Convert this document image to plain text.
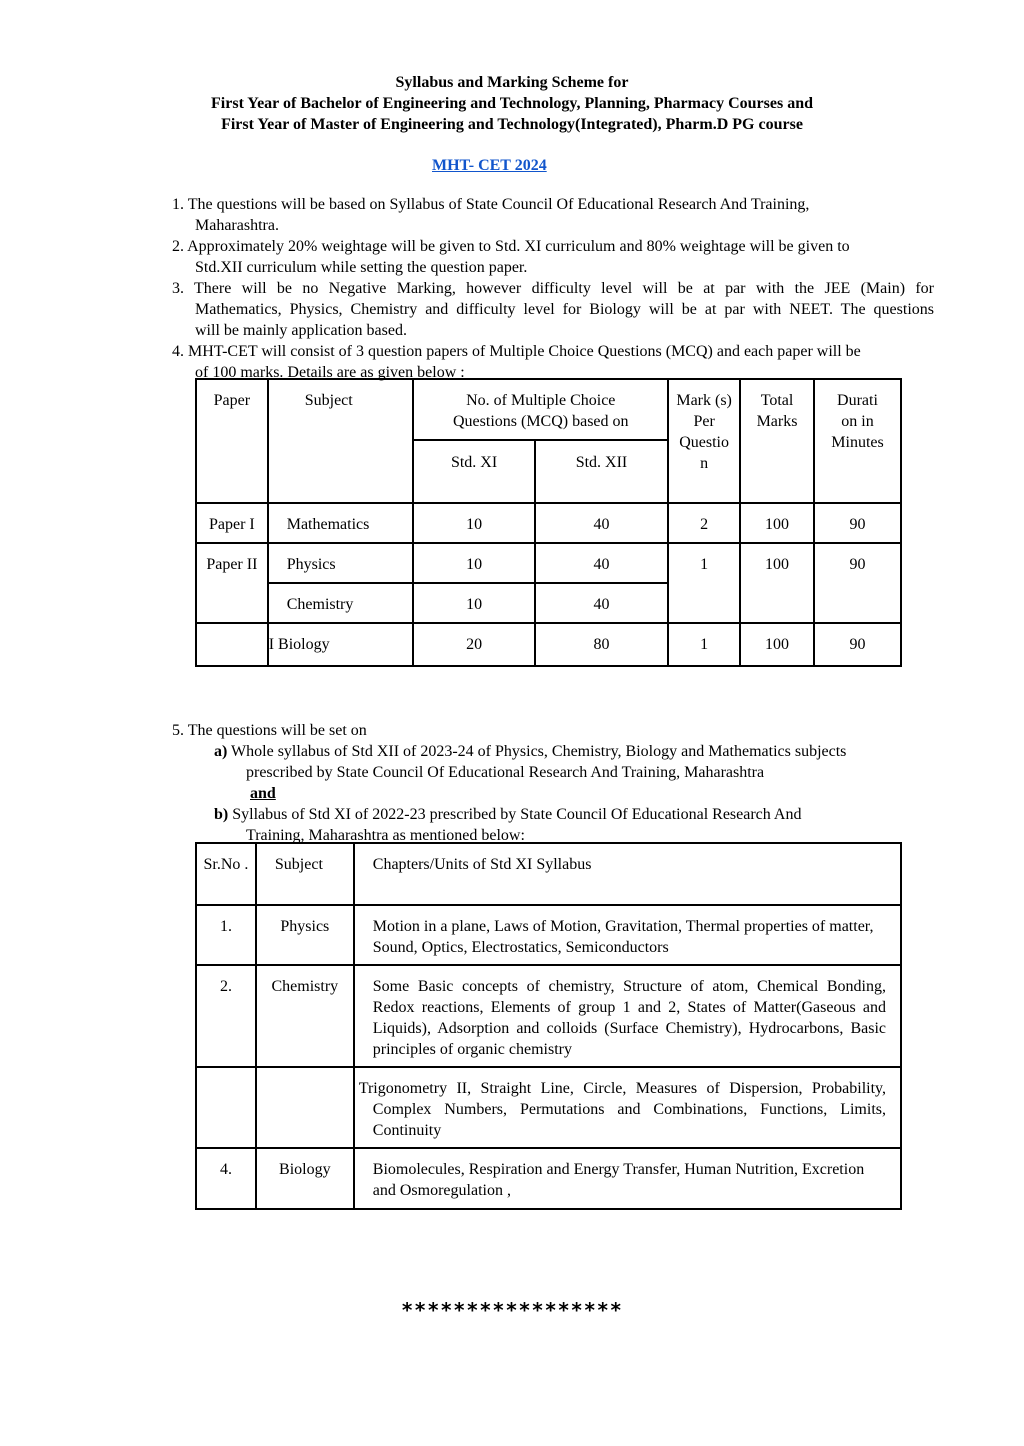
Syllabus and Marking Scheme for
First Year of Bachelor of Engineering and Technology, Planning, Pharmacy Courses and
First Year of Master of Engineering and Technology(Integrated), Pharm.D PG course
MHT- CET 2024
1. The questions will be based on Syllabus of State Council Of Educational Research And Training,
Maharashtra.
2. Approximately 20% weightage will be given to Std. XI curriculum and 80% weightage will be given to
Std.XII curriculum while setting the question paper.
3. There will be no Negative Marking, however difficulty level will be at par with the JEE (Main) for
Mathematics, Physics, Chemistry and difficulty level for Biology will be at par with NEET. The questions
will be mainly application based.
4. MHT-CET will consist of 3 question papers of Multiple Choice Questions (MCQ) and each paper will be
of 100 marks. Details are as given below :
Paper	Subject	No. of Multiple Choice Questions (MCQ) based on		Mark (s) Per Questio n	Total Marks	Durati on in Minutes
		Std. XI	Std. XII			
Paper I	Mathematics	10	40	2	100	90
Paper II	Physics	10	40	1	100	90
	Chemistry	10	40			
	I Biology	20	80	1	100	90
5. The questions will be set on
a) Whole syllabus of Std XII of 2023-24 of Physics, Chemistry, Biology and Mathematics subjects
prescribed by State Council Of Educational Research And Training, Maharashtra
and
b) Syllabus of Std XI of 2022-23 prescribed by State Council Of Educational Research And
Training, Maharashtra as mentioned below:
Sr.No .	Subject	Chapters/Units of Std XI Syllabus
1.	Physics	Motion in a plane, Laws of Motion, Gravitation, Thermal properties of matter, Sound, Optics, Electrostatics, Semiconductors
2.	Chemistry	Some Basic concepts of chemistry, Structure of atom, Chemical Bonding, Redox reactions, Elements of group 1 and 2, States of Matter(Gaseous and Liquids), Adsorption and colloids (Surface Chemistry), Hydrocarbons, Basic principles of organic chemistry
		Trigonometry II, Straight Line, Circle, Measures of Dispersion, Probability, Complex Numbers, Permutations and Combinations, Functions, Limits, Continuity
4.	Biology	Biomolecules, Respiration and Energy Transfer, Human Nutrition, Excretion and Osmoregulation ,
*****************
